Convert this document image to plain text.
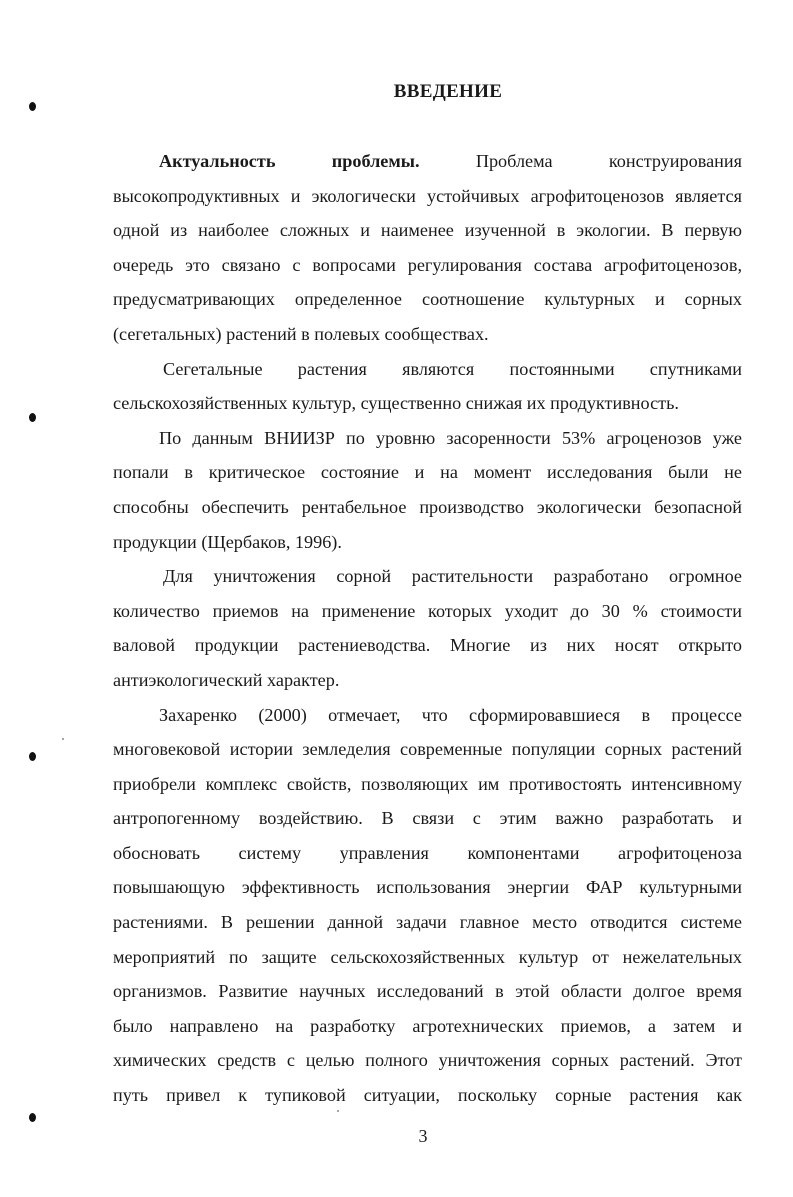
ВВЕДЕНИЕ
Актуальность проблемы.	Проблема конструирования
высокопродуктивных и экологически устойчивых агрофитоценозов является
одной из наиболее сложных и наименее изученной в экологии. В первую
очередь это связано с вопросами регулирования состава агрофитоценозов,
предусматривающих определенное соотношение культурных и сорных
(сегетальных) растений в полевых сообществах.
Сегетальные растения являются постоянными спутниками
сельскохозяйственных культур, существенно снижая их продуктивность.
По данным ВНИИЗР по уровню засоренности 53% агроценозов уже
попали в критическое состояние и на момент исследования были не
способны обеспечить рентабельное производство экологически безопасной
продукции (Щербаков, 1996).
Для уничтожения сорной растительности разработано огромное
количество приемов на применение которых уходит до 30 % стоимости
валовой продукции растениеводства. Многие из них носят открыто
антиэкологический характер.
Захаренко (2000) отмечает, что сформировавшиеся в процессе
многовековой истории земледелия современные популяции сорных растений
приобрели комплекс свойств, позволяющих им противостоять интенсивному
антропогенному воздействию. В связи с этим важно разработать и
обосновать систему управления компонентами агрофитоценоза
повышающую эффективность использования энергии ФАР культурными
растениями. В решении данной задачи главное место отводится системе
мероприятий по защите сельскохозяйственных культур от нежелательных
организмов. Развитие научных исследований в этой области долгое время
было направлено на разработку агротехнических приемов, а затем и
химических средств с целью полного уничтожения сорных растений. Этот
путь привел к тупиковой ситуации, поскольку сорные растения как
3
